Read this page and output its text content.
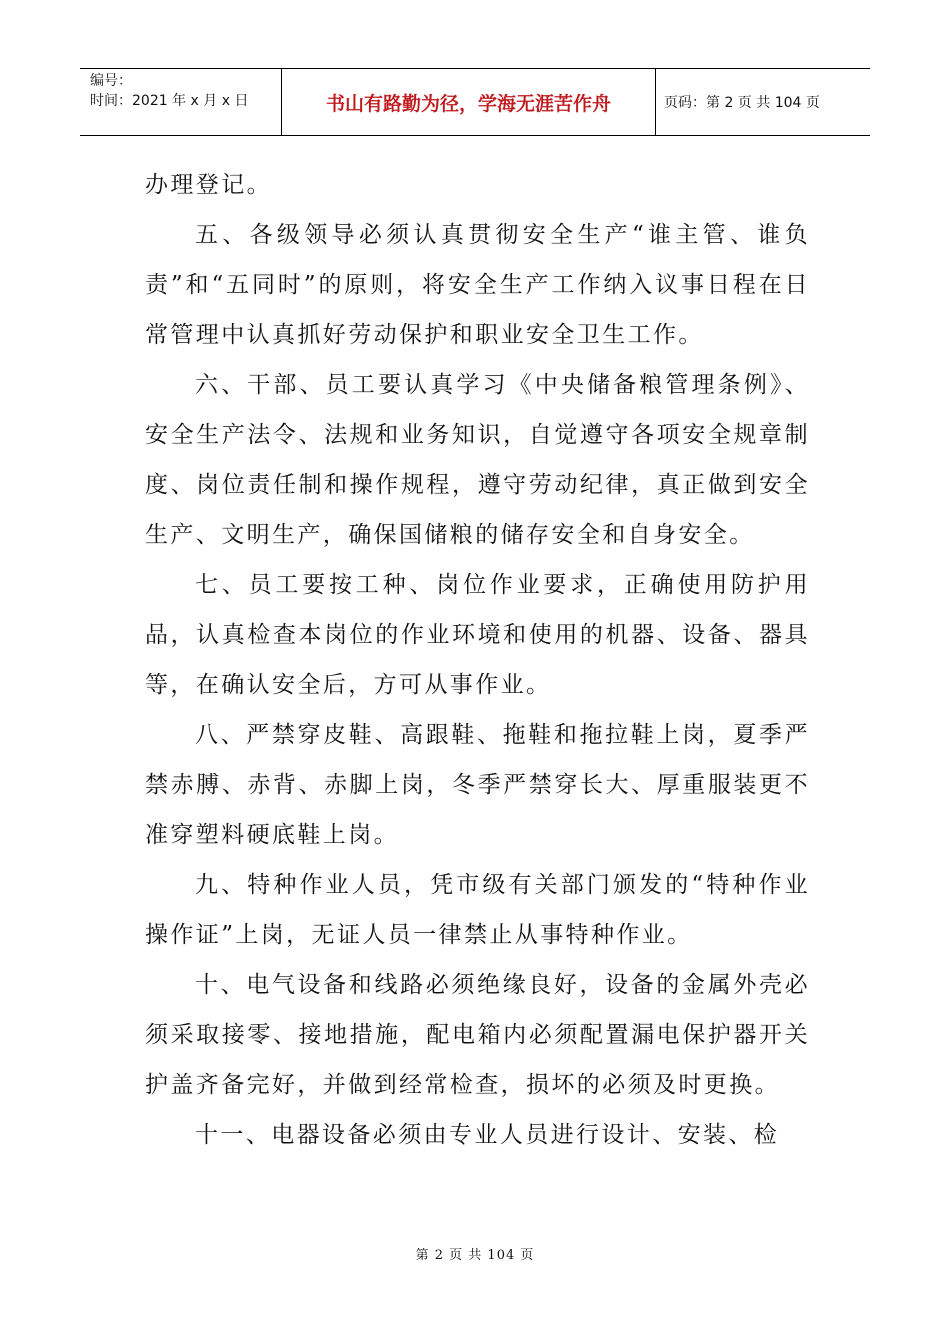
编号：
时间：2021 年 x 月 x 日	书山有路勤为径，学海无涯苦作舟	页码：第 2 页 共 104 页

办理登记。

五、各级领导必须认真贯彻安全生产“谁主管、谁负责”和“五同时”的原则，将安全生产工作纳入议事日程在日常管理中认真抓好劳动保护和职业安全卫生工作。

六、干部、员工要认真学习《中央储备粮管理条例》、安全生产法令、法规和业务知识，自觉遵守各项安全规章制度、岗位责任制和操作规程，遵守劳动纪律，真正做到安全生产、文明生产，确保国储粮的储存安全和自身安全。

七、员工要按工种、岗位作业要求，正确使用防护用品，认真检查本岗位的作业环境和使用的机器、设备、器具等，在确认安全后，方可从事作业。

八、严禁穿皮鞋、高跟鞋、拖鞋和拖拉鞋上岗，夏季严禁赤膊、赤背、赤脚上岗，冬季严禁穿长大、厚重服装更不准穿塑料硬底鞋上岗。

九、特种作业人员，凭市级有关部门颁发的“特种作业操作证”上岗，无证人员一律禁止从事特种作业。

十、电气设备和线路必须绝缘良好，设备的金属外壳必须采取接零、接地措施，配电箱内必须配置漏电保护器开关护盖齐备完好，并做到经常检查，损坏的必须及时更换。

十一、电器设备必须由专业人员进行设计、安装、检

第 2 页 共 104 页
